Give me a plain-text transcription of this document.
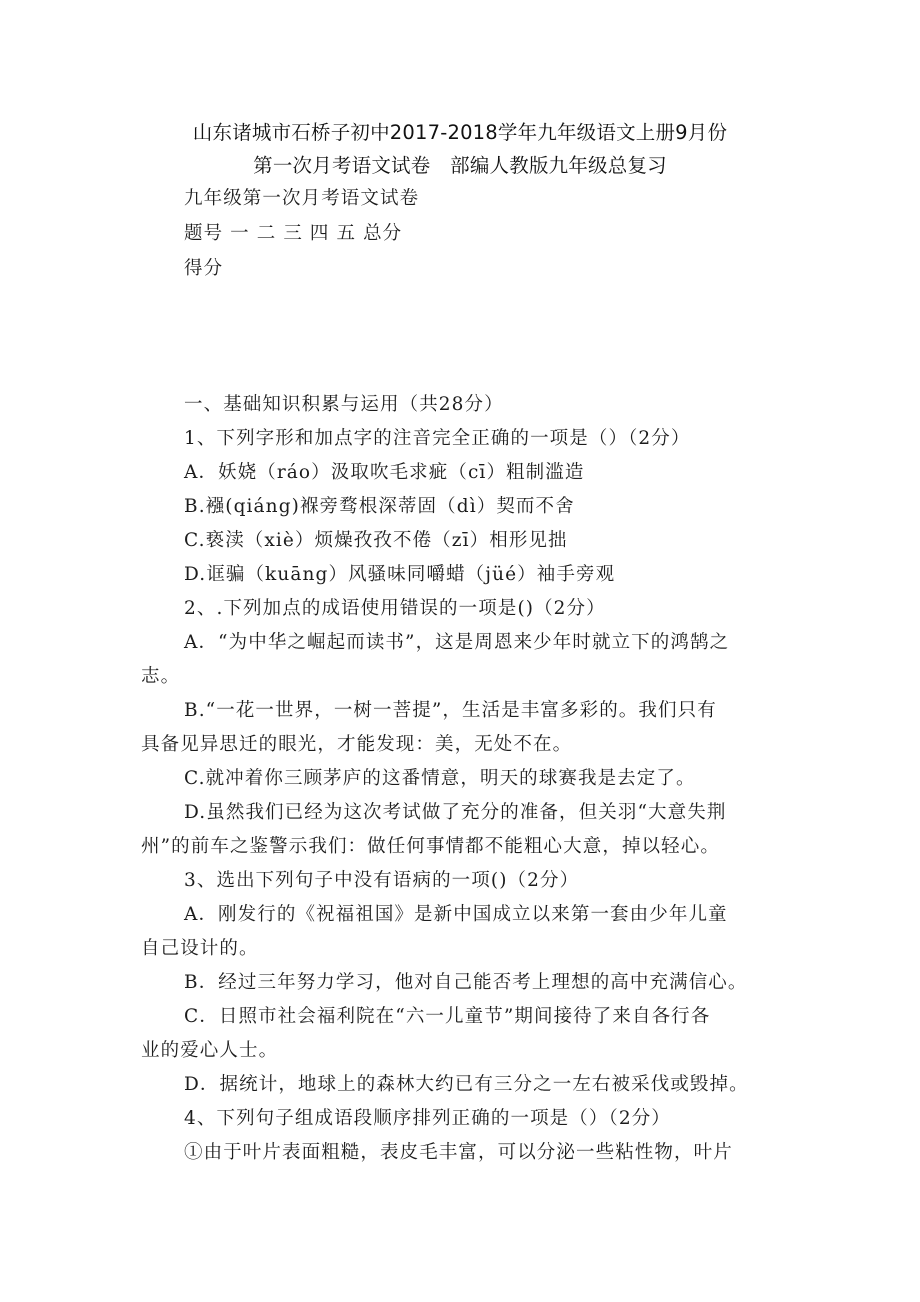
山东诸城市石桥子初中2017-2018学年九年级语文上册9月份
第一次月考语文试卷　部编人教版九年级总复习
九年级第一次月考语文试卷
题号 一 二 三 四 五 总分
得分
一、基础知识积累与运用（共28分）
1、下列字形和加点字的注音完全正确的一项是（）（2分）
A．妖娆（ráo）汲取吹毛求疵（cī）粗制滥造
B.襁(qiáng)褓旁骛根深蒂固（dì）契而不舍
C.亵渎（xiè）烦燥孜孜不倦（zī）相形见拙
D.诓骗（kuāng）风骚味同嚼蜡（jüé）袖手旁观
2、.下列加点的成语使用错误的一项是()（2分）
A．“为中华之崛起而读书”，这是周恩来少年时就立下的鸿鹄之
志。
B.“一花一世界，一树一菩提”，生活是丰富多彩的。我们只有
具备见异思迁的眼光，才能发现：美，无处不在。
C.就冲着你三顾茅庐的这番情意，明天的球赛我是去定了。
D.虽然我们已经为这次考试做了充分的准备，但关羽“大意失荆
州”的前车之鉴警示我们：做任何事情都不能粗心大意，掉以轻心。
3、选出下列句子中没有语病的一项()（2分）
A．刚发行的《祝福祖国》是新中国成立以来第一套由少年儿童
自己设计的。
B．经过三年努力学习，他对自己能否考上理想的高中充满信心。
C．日照市社会福利院在“六一儿童节”期间接待了来自各行各
业的爱心人士。
D．据统计，地球上的森林大约已有三分之一左右被采伐或毁掉。
4、下列句子组成语段顺序排列正确的一项是（）（2分）
①由于叶片表面粗糙，表皮毛丰富，可以分泌一些粘性物，叶片
